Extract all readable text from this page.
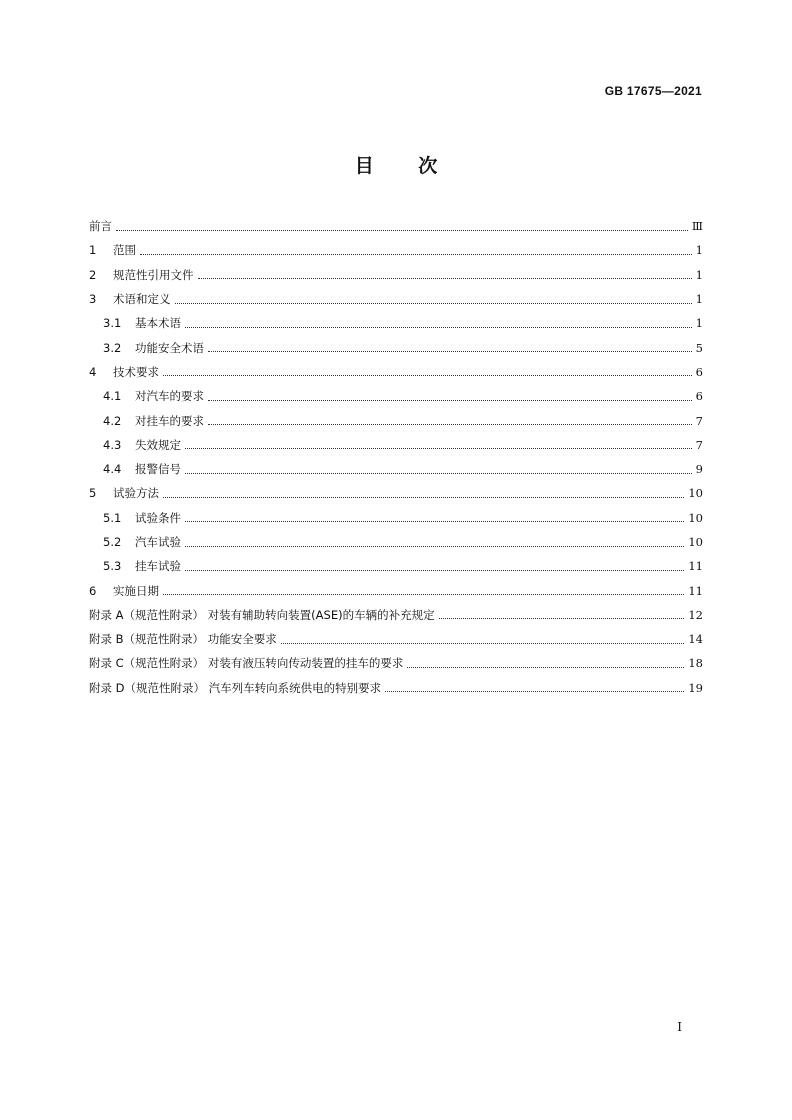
GB 17675—2021
目 次
前言	Ⅲ
1	范围	1
2	规范性引用文件	1
3	术语和定义	1
3.1	基本术语	1
3.2	功能安全术语	5
4	技术要求	6
4.1	对汽车的要求	6
4.2	对挂车的要求	7
4.3	失效规定	7
4.4	报警信号	9
5	试验方法	10
5.1	试验条件	10
5.2	汽车试验	10
5.3	挂车试验	11
6	实施日期	11
附录 A（规范性附录） 对装有辅助转向装置(ASE)的车辆的补充规定	12
附录 B（规范性附录） 功能安全要求	14
附录 C（规范性附录） 对装有液压转向传动装置的挂车的要求	18
附录 D（规范性附录） 汽车列车转向系统供电的特别要求	19
Ⅰ
